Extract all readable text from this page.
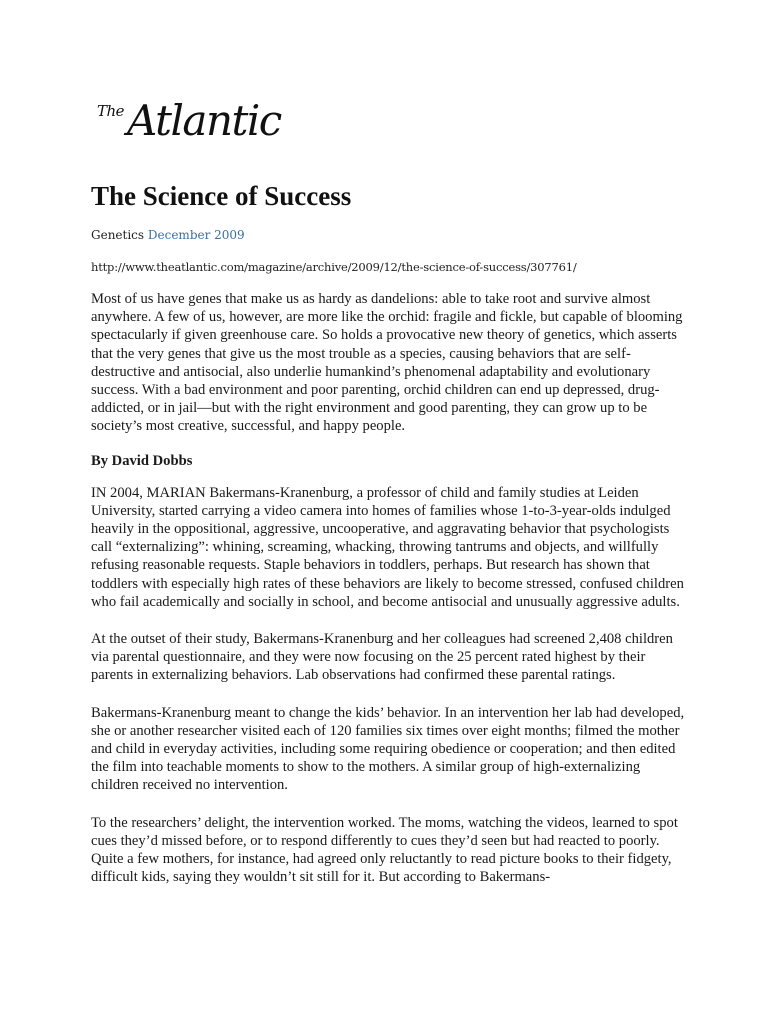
The Atlantic
The Science of Success
Genetics December 2009
http://www.theatlantic.com/magazine/archive/2009/12/the-science-of-success/307761/

Most of us have genes that make us as hardy as dandelions: able to take root and survive almost anywhere. A few of us, however, are more like the orchid: fragile and fickle, but capable of blooming spectacularly if given greenhouse care. So holds a provocative new theory of genetics, which asserts that the very genes that give us the most trouble as a species, causing behaviors that are self-destructive and antisocial, also underlie humankind’s phenomenal adaptability and evolutionary success. With a bad environment and poor parenting, orchid children can end up depressed, drug-addicted, or in jail—but with the right environment and good parenting, they can grow up to be society’s most creative, successful, and happy people.

By David Dobbs

IN 2004, MARIAN Bakermans-Kranenburg, a professor of child and family studies at Leiden University, started carrying a video camera into homes of families whose 1-to-3-year-olds indulged heavily in the oppositional, aggressive, uncooperative, and aggravating behavior that psychologists call “externalizing”: whining, screaming, whacking, throwing tantrums and objects, and willfully refusing reasonable requests. Staple behaviors in toddlers, perhaps. But research has shown that toddlers with especially high rates of these behaviors are likely to become stressed, confused children who fail academically and socially in school, and become antisocial and unusually aggressive adults.

At the outset of their study, Bakermans-Kranenburg and her colleagues had screened 2,408 children via parental questionnaire, and they were now focusing on the 25 percent rated highest by their parents in externalizing behaviors. Lab observations had confirmed these parental ratings.

Bakermans-Kranenburg meant to change the kids’ behavior. In an intervention her lab had developed, she or another researcher visited each of 120 families six times over eight months; filmed the mother and child in everyday activities, including some requiring obedience or cooperation; and then edited the film into teachable moments to show to the mothers. A similar group of high-externalizing children received no intervention.

To the researchers’ delight, the intervention worked. The moms, watching the videos, learned to spot cues they’d missed before, or to respond differently to cues they’d seen but had reacted to poorly. Quite a few mothers, for instance, had agreed only reluctantly to read picture books to their fidgety, difficult kids, saying they wouldn’t sit still for it. But according to Bakermans-
